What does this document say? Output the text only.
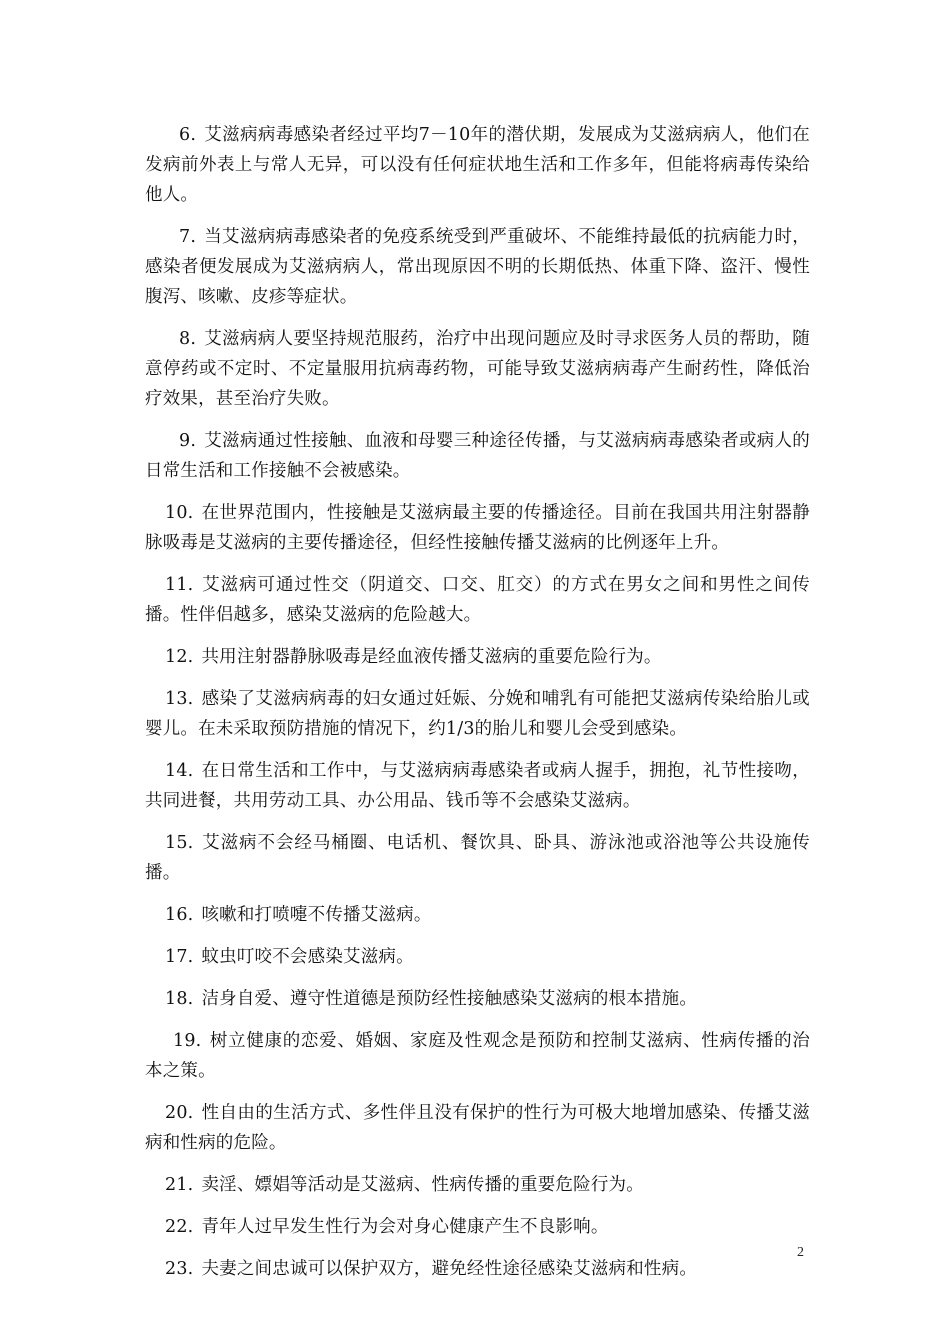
6. 艾滋病病毒感染者经过平均7－10年的潜伏期，发展成为艾滋病病人，他们在发病前外表上与常人无异，可以没有任何症状地生活和工作多年，但能将病毒传染给他人。

7. 当艾滋病病毒感染者的免疫系统受到严重破坏、不能维持最低的抗病能力时，感染者便发展成为艾滋病病人，常出现原因不明的长期低热、体重下降、盗汗、慢性腹泻、咳嗽、皮疹等症状。

8. 艾滋病病人要坚持规范服药，治疗中出现问题应及时寻求医务人员的帮助，随意停药或不定时、不定量服用抗病毒药物，可能导致艾滋病病毒产生耐药性，降低治疗效果，甚至治疗失败。

9. 艾滋病通过性接触、血液和母婴三种途径传播，与艾滋病病毒感染者或病人的日常生活和工作接触不会被感染。

10. 在世界范围内，性接触是艾滋病最主要的传播途径。目前在我国共用注射器静脉吸毒是艾滋病的主要传播途径，但经性接触传播艾滋病的比例逐年上升。

11. 艾滋病可通过性交（阴道交、口交、肛交）的方式在男女之间和男性之间传播。性伴侣越多，感染艾滋病的危险越大。

12. 共用注射器静脉吸毒是经血液传播艾滋病的重要危险行为。

13. 感染了艾滋病病毒的妇女通过妊娠、分娩和哺乳有可能把艾滋病传染给胎儿或婴儿。在未采取预防措施的情况下，约1/3的胎儿和婴儿会受到感染。

14. 在日常生活和工作中，与艾滋病病毒感染者或病人握手，拥抱，礼节性接吻，共同进餐，共用劳动工具、办公用品、钱币等不会感染艾滋病。

15. 艾滋病不会经马桶圈、电话机、餐饮具、卧具、游泳池或浴池等公共设施传播。

16. 咳嗽和打喷嚏不传播艾滋病。

17. 蚊虫叮咬不会感染艾滋病。

18. 洁身自爱、遵守性道德是预防经性接触感染艾滋病的根本措施。

19. 树立健康的恋爱、婚姻、家庭及性观念是预防和控制艾滋病、性病传播的治本之策。

20. 性自由的生活方式、多性伴且没有保护的性行为可极大地增加感染、传播艾滋病和性病的危险。

21. 卖淫、嫖娼等活动是艾滋病、性病传播的重要危险行为。

22. 青年人过早发生性行为会对身心健康产生不良影响。

23. 夫妻之间忠诚可以保护双方，避免经性途径感染艾滋病和性病。

2
